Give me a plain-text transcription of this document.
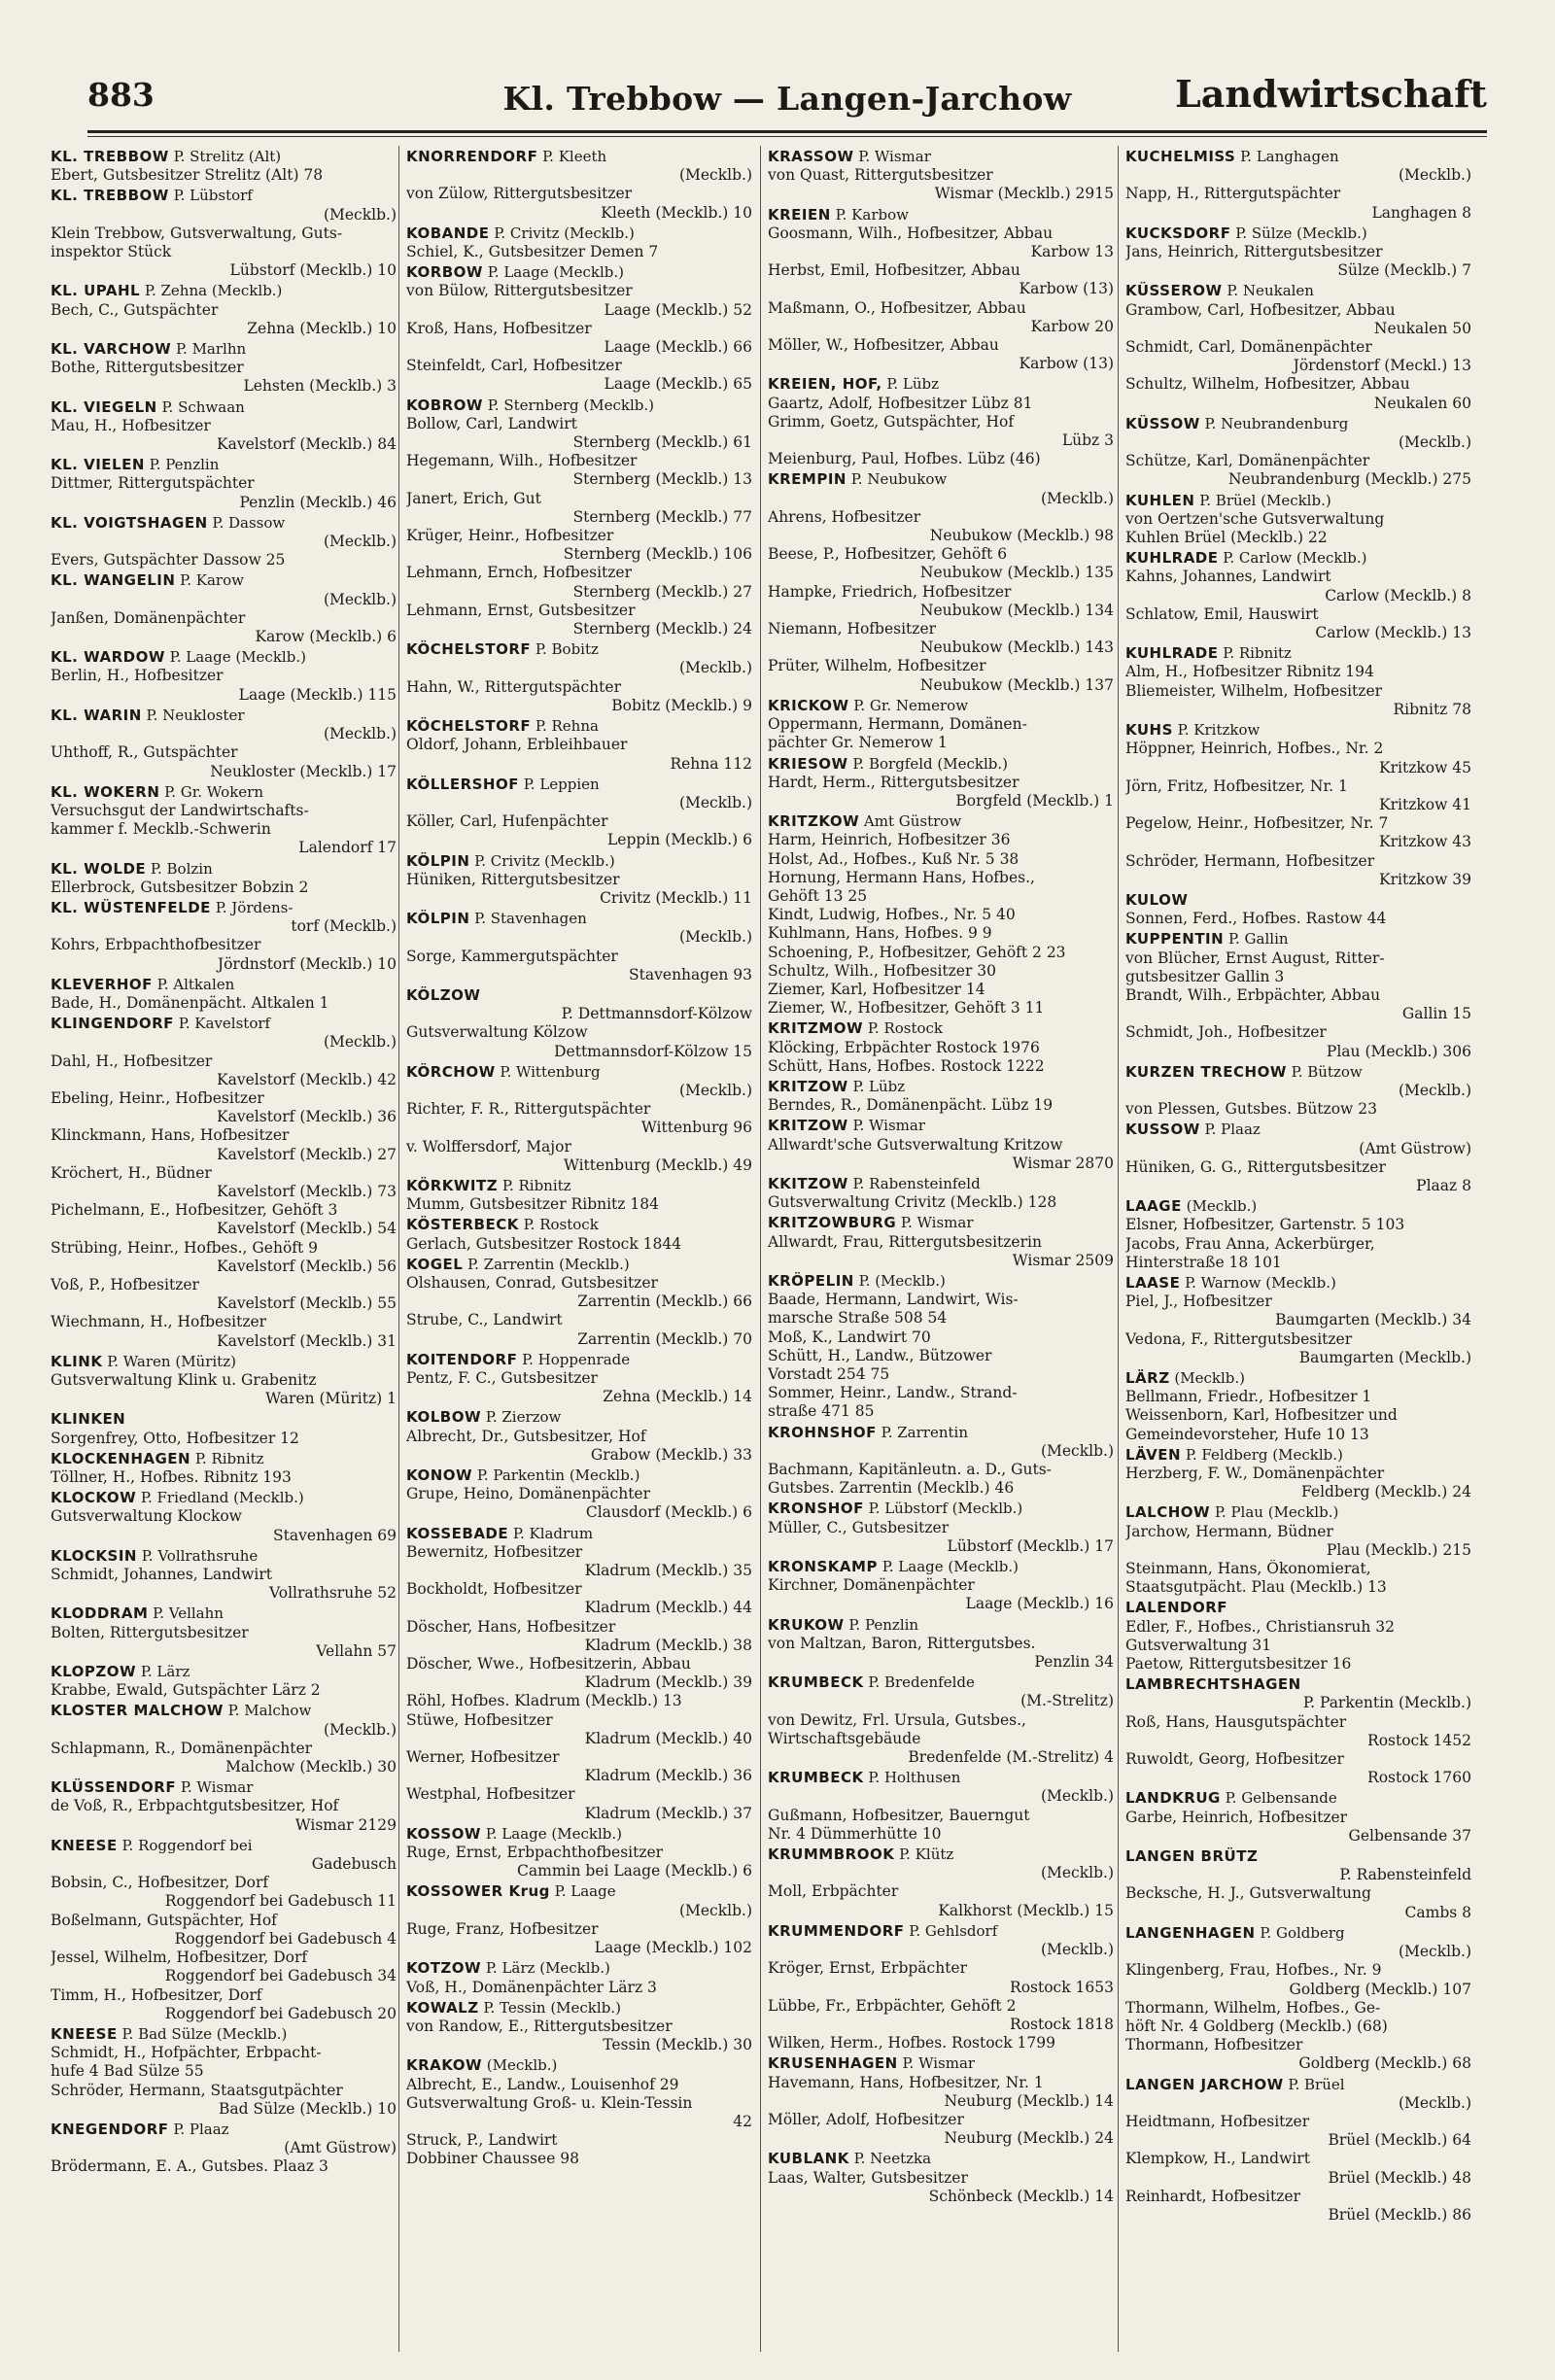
883	Kl. Trebbow — Langen-Jarchow	Landwirtschaft
KL. TREBBOW P. Strelitz (Alt)
Ebert, Gutsbesitzer Strelitz (Alt) 78
KL. TREBBOW P. Lübstorf
(Mecklb.)
Klein Trebbow, Gutsverwaltung, Guts-
inspektor Stück
Lübstorf (Mecklb.) 10
KL. UPAHL P. Zehna (Mecklb.)
Bech, C., Gutspächter
Zehna (Mecklb.) 10
KL. VARCHOW P. Marlhn
Bothe, Rittergutsbesitzer
Lehsten (Mecklb.) 3
KL. VIEGELN P. Schwaan
Mau, H., Hofbesitzer
Kavelstorf (Mecklb.) 84
KL. VIELEN P. Penzlin
Dittmer, Rittergutspächter
Penzlin (Mecklb.) 46
KL. VOIGTSHAGEN P. Dassow
(Mecklb.)
Evers, Gutspächter Dassow 25
KL. WANGELIN P. Karow
(Mecklb.)
Janßen, Domänenpächter
Karow (Mecklb.) 6
KL. WARDOW P. Laage (Mecklb.)
Berlin, H., Hofbesitzer
Laage (Mecklb.) 115
KL. WARIN P. Neukloster
(Mecklb.)
Uhthoff, R., Gutspächter
Neukloster (Mecklb.) 17
KL. WOKERN P. Gr. Wokern
Versuchsgut der Landwirtschafts-
kammer f. Mecklb.-Schwerin
Lalendorf 17
KL. WOLDE P. Bolzin
Ellerbrock, Gutsbesitzer Bobzin 2
KL. WÜSTENFELDE P. Jördens-
torf (Mecklb.)
Kohrs, Erbpachthofbesitzer
Jördnstorf (Mecklb.) 10
KLEVERHOF P. Altkalen
Bade, H., Domänenpächt. Altkalen 1
KLINGENDORF P. Kavelstorf
(Mecklb.)
Dahl, H., Hofbesitzer
Kavelstorf (Mecklb.) 42
Ebeling, Heinr., Hofbesitzer
Kavelstorf (Mecklb.) 36
Klinckmann, Hans, Hofbesitzer
Kavelstorf (Mecklb.) 27
Kröchert, H., Büdner
Kavelstorf (Mecklb.) 73
Pichelmann, E., Hofbesitzer, Gehöft 3
Kavelstorf (Mecklb.) 54
Strübing, Heinr., Hofbes., Gehöft 9
Kavelstorf (Mecklb.) 56
Voß, P., Hofbesitzer
Kavelstorf (Mecklb.) 55
Wiechmann, H., Hofbesitzer
Kavelstorf (Mecklb.) 31
KLINK P. Waren (Müritz)
Gutsverwaltung Klink u. Grabenitz
Waren (Müritz) 1
KLINKEN
Sorgenfrey, Otto, Hofbesitzer 12
KLOCKENHAGEN P. Ribnitz
Töllner, H., Hofbes. Ribnitz 193
KLOCKOW P. Friedland (Mecklb.)
Gutsverwaltung Klockow
Stavenhagen 69
KLOCKSIN P. Vollrathsruhe
Schmidt, Johannes, Landwirt
Vollrathsruhe 52
KLODDRAM P. Vellahn
Bolten, Rittergutsbesitzer
Vellahn 57
KLOPZOW P. Lärz
Krabbe, Ewald, Gutspächter Lärz 2
KLOSTER MALCHOW P. Malchow
(Mecklb.)
Schlapmann, R., Domänenpächter
Malchow (Mecklb.) 30
KLÜSSENDORF P. Wismar
de Voß, R., Erbpachtgutsbesitzer, Hof
Wismar 2129
KNEESE P. Roggendorf bei
Gadebusch
Bobsin, C., Hofbesitzer, Dorf
Roggendorf bei Gadebusch 11
Boßelmann, Gutspächter, Hof
Roggendorf bei Gadebusch 4
Jessel, Wilhelm, Hofbesitzer, Dorf
Roggendorf bei Gadebusch 34
Timm, H., Hofbesitzer, Dorf
Roggendorf bei Gadebusch 20
KNEESE P. Bad Sülze (Mecklb.)
Schmidt, H., Hofpächter, Erbpacht-
hufe 4 Bad Sülze 55
Schröder, Hermann, Staatsgutpächter
Bad Sülze (Mecklb.) 10
KNEGENDORF P. Plaaz
(Amt Güstrow)
Brödermann, E. A., Gutsbes. Plaaz 3
KNORRENDORF P. Kleeth
(Mecklb.)
von Zülow, Rittergutsbesitzer
Kleeth (Mecklb.) 10
KOBANDE P. Crivitz (Mecklb.)
Schiel, K., Gutsbesitzer Demen 7
KORBOW P. Laage (Mecklb.)
von Bülow, Rittergutsbesitzer
Laage (Mecklb.) 52
Kroß, Hans, Hofbesitzer
Laage (Mecklb.) 66
Steinfeldt, Carl, Hofbesitzer
Laage (Mecklb.) 65
KOBROW P. Sternberg (Mecklb.)
Bollow, Carl, Landwirt
Sternberg (Mecklb.) 61
Hegemann, Wilh., Hofbesitzer
Sternberg (Mecklb.) 13
Janert, Erich, Gut
Sternberg (Mecklb.) 77
Krüger, Heinr., Hofbesitzer
Sternberg (Mecklb.) 106
Lehmann, Ernch, Hofbesitzer
Sternberg (Mecklb.) 27
Lehmann, Ernst, Gutsbesitzer
Sternberg (Mecklb.) 24
KÖCHELSTORF P. Bobitz
(Mecklb.)
Hahn, W., Rittergutspächter
Bobitz (Mecklb.) 9
KÖCHELSTORF P. Rehna
Oldorf, Johann, Erbleihbauer
Rehna 112
KÖLLERSHOF P. Leppien
(Mecklb.)
Köller, Carl, Hufenpächter
Leppin (Mecklb.) 6
KÖLPIN P. Crivitz (Mecklb.)
Hüniken, Rittergutsbesitzer
Crivitz (Mecklb.) 11
KÖLPIN P. Stavenhagen
(Mecklb.)
Sorge, Kammergutspächter
Stavenhagen 93
KÖLZOW
P. Dettmannsdorf-Kölzow
Gutsverwaltung Kölzow
Dettmannsdorf-Kölzow 15
KÖRCHOW P. Wittenburg
(Mecklb.)
Richter, F. R., Rittergutspächter
Wittenburg 96
v. Wolffersdorf, Major
Wittenburg (Mecklb.) 49
KÖRKWITZ P. Ribnitz
Mumm, Gutsbesitzer Ribnitz 184
KÖSTERBECK P. Rostock
Gerlach, Gutsbesitzer Rostock 1844
KOGEL P. Zarrentin (Mecklb.)
Olshausen, Conrad, Gutsbesitzer
Zarrentin (Mecklb.) 66
Strube, C., Landwirt
Zarrentin (Mecklb.) 70
KOITENDORF P. Hoppenrade
Pentz, F. C., Gutsbesitzer
Zehna (Mecklb.) 14
KOLBOW P. Zierzow
Albrecht, Dr., Gutsbesitzer, Hof
Grabow (Mecklb.) 33
KONOW P. Parkentin (Mecklb.)
Grupe, Heino, Domänenpächter
Clausdorf (Mecklb.) 6
KOSSEBADE P. Kladrum
Bewernitz, Hofbesitzer
Kladrum (Mecklb.) 35
Bockholdt, Hofbesitzer
Kladrum (Mecklb.) 44
Döscher, Hans, Hofbesitzer
Kladrum (Mecklb.) 38
Döscher, Wwe., Hofbesitzerin, Abbau
Kladrum (Mecklb.) 39
Röhl, Hofbes. Kladrum (Mecklb.) 13
Stüwe, Hofbesitzer
Kladrum (Mecklb.) 40
Werner, Hofbesitzer
Kladrum (Mecklb.) 36
Westphal, Hofbesitzer
Kladrum (Mecklb.) 37
KOSSOW P. Laage (Mecklb.)
Ruge, Ernst, Erbpachthofbesitzer
Cammin bei Laage (Mecklb.) 6
KOSSOWER Krug P. Laage
(Mecklb.)
Ruge, Franz, Hofbesitzer
Laage (Mecklb.) 102
KOTZOW P. Lärz (Mecklb.)
Voß, H., Domänenpächter Lärz 3
KOWALZ P. Tessin (Mecklb.)
von Randow, E., Rittergutsbesitzer
Tessin (Mecklb.) 30
KRAKOW (Mecklb.)
Albrecht, E., Landw., Louisenhof 29
Gutsverwaltung Groß- u. Klein-Tessin
42
Struck, P., Landwirt
Dobbiner Chaussee 98
KRASSOW P. Wismar
von Quast, Rittergutsbesitzer
Wismar (Mecklb.) 2915
KREIEN P. Karbow
Goosmann, Wilh., Hofbesitzer, Abbau
Karbow 13
Herbst, Emil, Hofbesitzer, Abbau
Karbow (13)
Maßmann, O., Hofbesitzer, Abbau
Karbow 20
Möller, W., Hofbesitzer, Abbau
Karbow (13)
KREIEN, HOF, P. Lübz
Gaartz, Adolf, Hofbesitzer Lübz 81
Grimm, Goetz, Gutspächter, Hof
Lübz 3
Meienburg, Paul, Hofbes. Lübz (46)
KREMPIN P. Neubukow
(Mecklb.)
Ahrens, Hofbesitzer
Neubukow (Mecklb.) 98
Beese, P., Hofbesitzer, Gehöft 6
Neubukow (Mecklb.) 135
Hampke, Friedrich, Hofbesitzer
Neubukow (Mecklb.) 134
Niemann, Hofbesitzer
Neubukow (Mecklb.) 143
Prüter, Wilhelm, Hofbesitzer
Neubukow (Mecklb.) 137
KRICKOW P. Gr. Nemerow
Oppermann, Hermann, Domänen-
pächter Gr. Nemerow 1
KRIESOW P. Borgfeld (Mecklb.)
Hardt, Herm., Rittergutsbesitzer
Borgfeld (Mecklb.) 1
KRITZKOW Amt Güstrow
Harm, Heinrich, Hofbesitzer 36
Holst, Ad., Hofbes., Kuß Nr. 5 38
Hornung, Hermann Hans, Hofbes.,
Gehöft 13 25
Kindt, Ludwig, Hofbes., Nr. 5 40
Kuhlmann, Hans, Hofbes. 9 9
Schoening, P., Hofbesitzer, Gehöft 2 23
Schultz, Wilh., Hofbesitzer 30
Ziemer, Karl, Hofbesitzer 14
Ziemer, W., Hofbesitzer, Gehöft 3 11
KRITZMOW P. Rostock
Klöcking, Erbpächter Rostock 1976
Schütt, Hans, Hofbes. Rostock 1222
KRITZOW P. Lübz
Berndes, R., Domänenpächt. Lübz 19
KRITZOW P. Wismar
Allwardt'sche Gutsverwaltung Kritzow
Wismar 2870
KKITZOW P. Rabensteinfeld
Gutsverwaltung Crivitz (Mecklb.) 128
KRITZOWBURG P. Wismar
Allwardt, Frau, Rittergutsbesitzerin
Wismar 2509
KRÖPELIN P. (Mecklb.)
Baade, Hermann, Landwirt, Wis-
marsche Straße 508 54
Moß, K., Landwirt 70
Schütt, H., Landw., Bützower
Vorstadt 254 75
Sommer, Heinr., Landw., Strand-
straße 471 85
KROHNSHOF P. Zarrentin
(Mecklb.)
Bachmann, Kapitänleutn. a. D., Guts-
Gutsbes. Zarrentin (Mecklb.) 46
KRONSHOF P. Lübstorf (Mecklb.)
Müller, C., Gutsbesitzer
Lübstorf (Mecklb.) 17
KRONSKAMP P. Laage (Mecklb.)
Kirchner, Domänenpächter
Laage (Mecklb.) 16
KRUKOW P. Penzlin
von Maltzan, Baron, Rittergutsbes.
Penzlin 34
KRUMBECK P. Bredenfelde
(M.-Strelitz)
von Dewitz, Frl. Ursula, Gutsbes.,
Wirtschaftsgebäude
Bredenfelde (M.-Strelitz) 4
KRUMBECK P. Holthusen
(Mecklb.)
Gußmann, Hofbesitzer, Bauerngut
Nr. 4 Dümmerhütte 10
KRUMMBROOK P. Klütz
(Mecklb.)
Moll, Erbpächter
Kalkhorst (Mecklb.) 15
KRUMMENDORF P. Gehlsdorf
(Mecklb.)
Kröger, Ernst, Erbpächter
Rostock 1653
Lübbe, Fr., Erbpächter, Gehöft 2
Rostock 1818
Wilken, Herm., Hofbes. Rostock 1799
KRUSENHAGEN P. Wismar
Havemann, Hans, Hofbesitzer, Nr. 1
Neuburg (Mecklb.) 14
Möller, Adolf, Hofbesitzer
Neuburg (Mecklb.) 24
KUBLANK P. Neetzka
Laas, Walter, Gutsbesitzer
Schönbeck (Mecklb.) 14
KUCHELMISS P. Langhagen
(Mecklb.)
Napp, H., Rittergutspächter
Langhagen 8
KUCKSDORF P. Sülze (Mecklb.)
Jans, Heinrich, Rittergutsbesitzer
Sülze (Mecklb.) 7
KÜSSEROW P. Neukalen
Grambow, Carl, Hofbesitzer, Abbau
Neukalen 50
Schmidt, Carl, Domänenpächter
Jördenstorf (Meckl.) 13
Schultz, Wilhelm, Hofbesitzer, Abbau
Neukalen 60
KÜSSOW P. Neubrandenburg
(Mecklb.)
Schütze, Karl, Domänenpächter
Neubrandenburg (Mecklb.) 275
KUHLEN P. Brüel (Mecklb.)
von Oertzen'sche Gutsverwaltung
Kuhlen Brüel (Mecklb.) 22
KUHLRADE P. Carlow (Mecklb.)
Kahns, Johannes, Landwirt
Carlow (Mecklb.) 8
Schlatow, Emil, Hauswirt
Carlow (Mecklb.) 13
KUHLRADE P. Ribnitz
Alm, H., Hofbesitzer Ribnitz 194
Bliemeister, Wilhelm, Hofbesitzer
Ribnitz 78
KUHS P. Kritzkow
Höppner, Heinrich, Hofbes., Nr. 2
Kritzkow 45
Jörn, Fritz, Hofbesitzer, Nr. 1
Kritzkow 41
Pegelow, Heinr., Hofbesitzer, Nr. 7
Kritzkow 43
Schröder, Hermann, Hofbesitzer
Kritzkow 39
KULOW
Sonnen, Ferd., Hofbes. Rastow 44
KUPPENTIN P. Gallin
von Blücher, Ernst August, Ritter-
gutsbesitzer Gallin 3
Brandt, Wilh., Erbpächter, Abbau
Gallin 15
Schmidt, Joh., Hofbesitzer
Plau (Mecklb.) 306
KURZEN TRECHOW P. Bützow
(Mecklb.)
von Plessen, Gutsbes. Bützow 23
KUSSOW P. Plaaz
(Amt Güstrow)
Hüniken, G. G., Rittergutsbesitzer
Plaaz 8
LAAGE (Mecklb.)
Elsner, Hofbesitzer, Gartenstr. 5 103
Jacobs, Frau Anna, Ackerbürger,
Hinterstraße 18 101
LAASE P. Warnow (Mecklb.)
Piel, J., Hofbesitzer
Baumgarten (Mecklb.) 34
Vedona, F., Rittergutsbesitzer
Baumgarten (Mecklb.)
LÄRZ (Mecklb.)
Bellmann, Friedr., Hofbesitzer 1
Weissenborn, Karl, Hofbesitzer und
Gemeindevorsteher, Hufe 10 13
LÄVEN P. Feldberg (Mecklb.)
Herzberg, F. W., Domänenpächter
Feldberg (Mecklb.) 24
LALCHOW P. Plau (Mecklb.)
Jarchow, Hermann, Büdner
Plau (Mecklb.) 215
Steinmann, Hans, Ökonomierat,
Staatsgutpächt. Plau (Mecklb.) 13
LALENDORF
Edler, F., Hofbes., Christiansruh 32
Gutsverwaltung 31
Paetow, Rittergutsbesitzer 16
LAMBRECHTSHAGEN
P. Parkentin (Mecklb.)
Roß, Hans, Hausgutspächter
Rostock 1452
Ruwoldt, Georg, Hofbesitzer
Rostock 1760
LANDKRUG P. Gelbensande
Garbe, Heinrich, Hofbesitzer
Gelbensande 37
LANGEN BRÜTZ
P. Rabensteinfeld
Becksche, H. J., Gutsverwaltung
Cambs 8
LANGENHAGEN P. Goldberg
(Mecklb.)
Klingenberg, Frau, Hofbes., Nr. 9
Goldberg (Mecklb.) 107
Thormann, Wilhelm, Hofbes., Ge-
höft Nr. 4 Goldberg (Mecklb.) (68)
Thormann, Hofbesitzer
Goldberg (Mecklb.) 68
LANGEN JARCHOW P. Brüel
(Mecklb.)
Heidtmann, Hofbesitzer
Brüel (Mecklb.) 64
Klempkow, H., Landwirt
Brüel (Mecklb.) 48
Reinhardt, Hofbesitzer
Brüel (Mecklb.) 86
